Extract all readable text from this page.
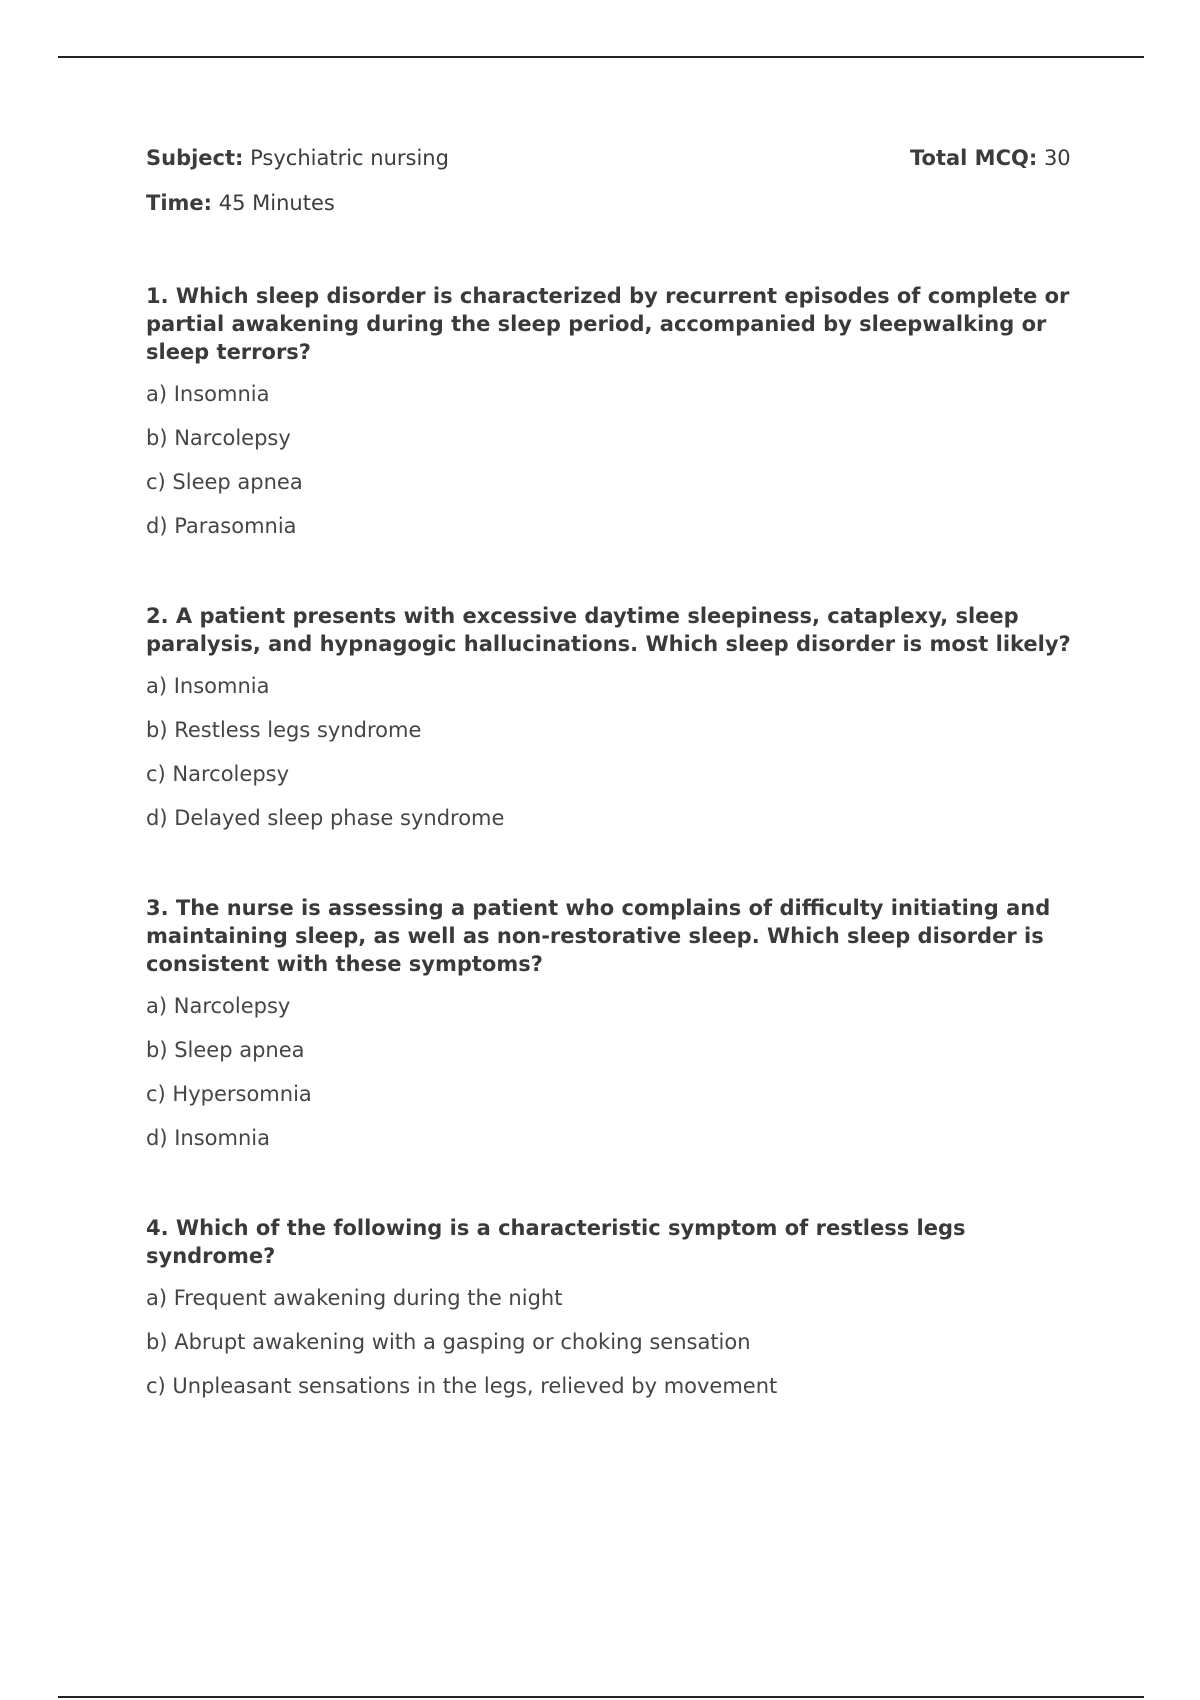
Subject: Psychiatric nursing	Total MCQ: 30
Time: 45 Minutes

1. Which sleep disorder is characterized by recurrent episodes of complete or partial awakening during the sleep period, accompanied by sleepwalking or sleep terrors?

a) Insomnia
b) Narcolepsy
c) Sleep apnea
d) Parasomnia

2. A patient presents with excessive daytime sleepiness, cataplexy, sleep paralysis, and hypnagogic hallucinations. Which sleep disorder is most likely?

a) Insomnia
b) Restless legs syndrome
c) Narcolepsy
d) Delayed sleep phase syndrome

3. The nurse is assessing a patient who complains of difficulty initiating and maintaining sleep, as well as non-restorative sleep. Which sleep disorder is consistent with these symptoms?

a) Narcolepsy
b) Sleep apnea
c) Hypersomnia
d) Insomnia

4. Which of the following is a characteristic symptom of restless legs syndrome?

a) Frequent awakening during the night
b) Abrupt awakening with a gasping or choking sensation
c) Unpleasant sensations in the legs, relieved by movement
